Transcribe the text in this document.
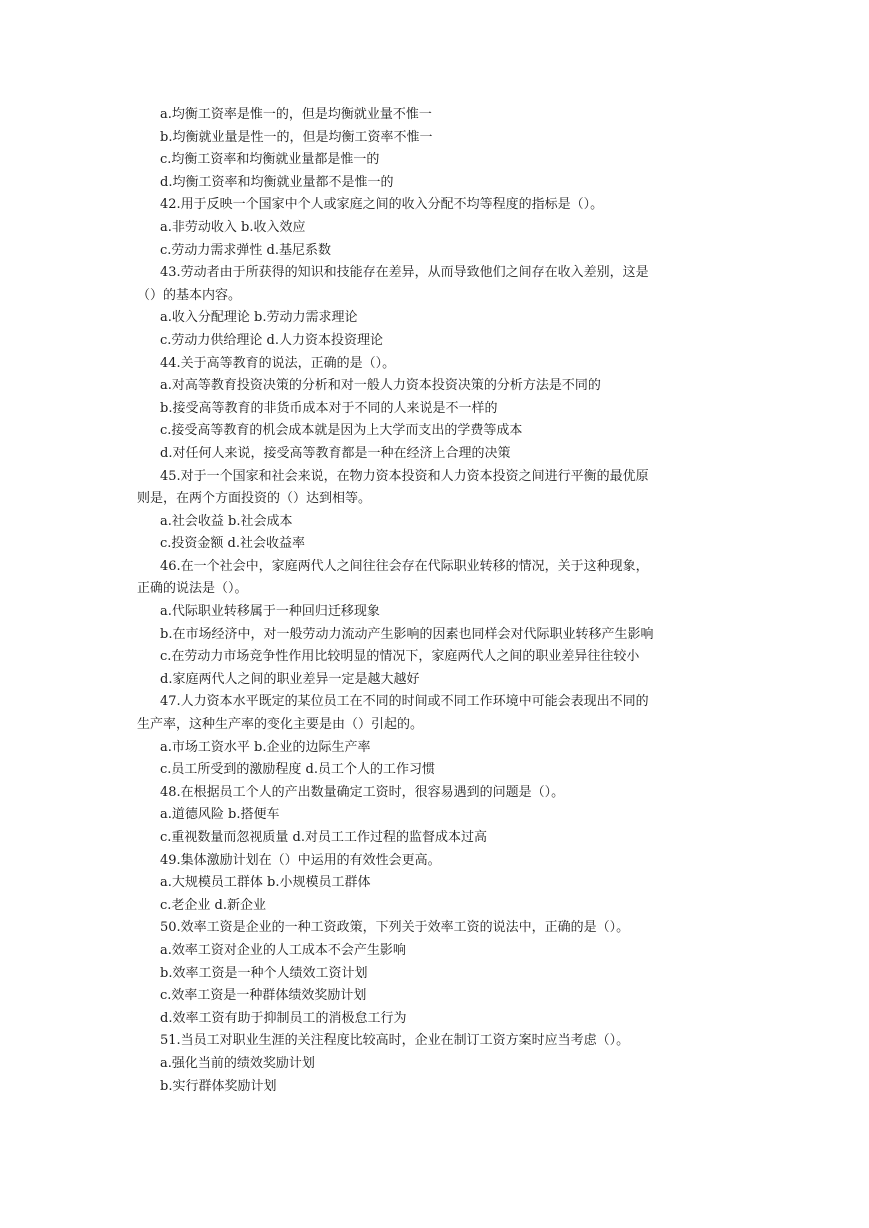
a.均衡工资率是惟一的，但是均衡就业量不惟一
b.均衡就业量是性一的，但是均衡工资率不惟一
c.均衡工资率和均衡就业量都是惟一的
d.均衡工资率和均衡就业量都不是惟一的
42.用于反映一个国家中个人或家庭之间的收入分配不均等程度的指标是（）。
a.非劳动收入 b.收入效应
c.劳动力需求弹性 d.基尼系数
43.劳动者由于所获得的知识和技能存在差异，从而导致他们之间存在收入差别，这是
（）的基本内容。
a.收入分配理论 b.劳动力需求理论
c.劳动力供给理论 d.人力资本投资理论
44.关于高等教育的说法，正确的是（）。
a.对高等教育投资决策的分析和对一般人力资本投资决策的分析方法是不同的
b.接受高等教育的非货币成本对于不同的人来说是不一样的
c.接受高等教育的机会成本就是因为上大学而支出的学费等成本
d.对任何人来说，接受高等教育都是一种在经济上合理的决策
45.对于一个国家和社会来说，在物力资本投资和人力资本投资之间进行平衡的最优原
则是，在两个方面投资的（）达到相等。
a.社会收益 b.社会成本
c.投资金额 d.社会收益率
46.在一个社会中，家庭两代人之间往往会存在代际职业转移的情况，关于这种现象，
正确的说法是（）。
a.代际职业转移属于一种回归迁移现象
b.在市场经济中，对一般劳动力流动产生影响的因素也同样会对代际职业转移产生影响
c.在劳动力市场竞争性作用比较明显的情况下，家庭两代人之间的职业差异往往较小
d.家庭两代人之间的职业差异一定是越大越好
47.人力资本水平既定的某位员工在不同的时间或不同工作环境中可能会表现出不同的
生产率，这种生产率的变化主要是由（）引起的。
a.市场工资水平 b.企业的边际生产率
c.员工所受到的激励程度 d.员工个人的工作习惯
48.在根据员工个人的产出数量确定工资时，很容易遇到的问题是（）。
a.道德风险 b.搭便车
c.重视数量而忽视质量 d.对员工工作过程的监督成本过高
49.集体激励计划在（）中运用的有效性会更高。
a.大规模员工群体 b.小规模员工群体
c.老企业 d.新企业
50.效率工资是企业的一种工资政策，下列关于效率工资的说法中，正确的是（）。
a.效率工资对企业的人工成本不会产生影响
b.效率工资是一种个人绩效工资计划
c.效率工资是一种群体绩效奖励计划
d.效率工资有助于抑制员工的消极怠工行为
51.当员工对职业生涯的关注程度比较高时，企业在制订工资方案时应当考虑（）。
a.强化当前的绩效奖励计划
b.实行群体奖励计划
